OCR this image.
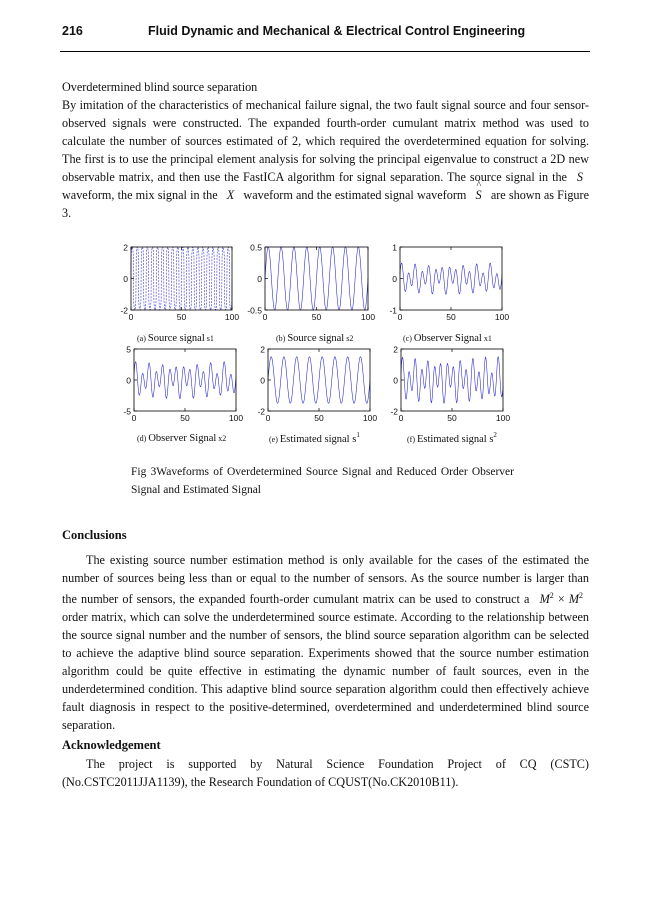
216	Fluid Dynamic and Mechanical & Electrical Control Engineering
Overdetermined blind source separation
By imitation of the characteristics of mechanical failure signal, the two fault signal source and four sensor-observed signals were constructed. The expanded fourth-order cumulant matrix method was used to calculate the number of sources estimated of 2, which required the overdetermined equation for solving. The first is to use the principal element analysis for solving the principal eigenvalue to construct a 2D new observable matrix, and then use the FastICA algorithm for signal separation. The source signal in the S waveform, the mix signal in the X waveform and the estimated signal waveform ^ S are shown as Figure 3.
2
0
-2
0	50	100
0.5
0
-0.5
0	50	100
1
0
-1
0	50	100
5
0
-5
0	50	100
2
0
-2
0	50	100
2
0
-2
0	50	100
(a) Source signal s1	(b) Source signal s2	(c) Observer Signal x1
(d) Observer Signal x2	(e) Estimated signal $s^1$	(f) Estimated signal $s^2$
Fig 3Waveforms of Overdetermined Source Signal and Reduced Order Observer Signal and Estimated Signal
Conclusions
The existing source number estimation method is only available for the cases of the estimated the number of sources being less than or equal to the number of sensors. As the source number is larger than the number of sensors, the expanded fourth-order cumulant matrix can be used to construct a $M^2 \times M^2$ order matrix, which can solve the underdetermined source estimate. According to the relationship between the source signal number and the number of sensors, the blind source separation algorithm can be selected to achieve the adaptive blind source separation. Experiments showed that the source number estimation algorithm could be quite effective in estimating the dynamic number of fault sources, even in the underdetermined condition. This adaptive blind source separation algorithm could then effectively achieve fault diagnosis in respect to the positive-determined, overdetermined and underdetermined blind source separation.
Acknowledgement
The project is supported by Natural Science Foundation Project of CQ (CSTC) (No.CSTC2011JJA1139), the Research Foundation of CQUST(No.CK2010B11).
